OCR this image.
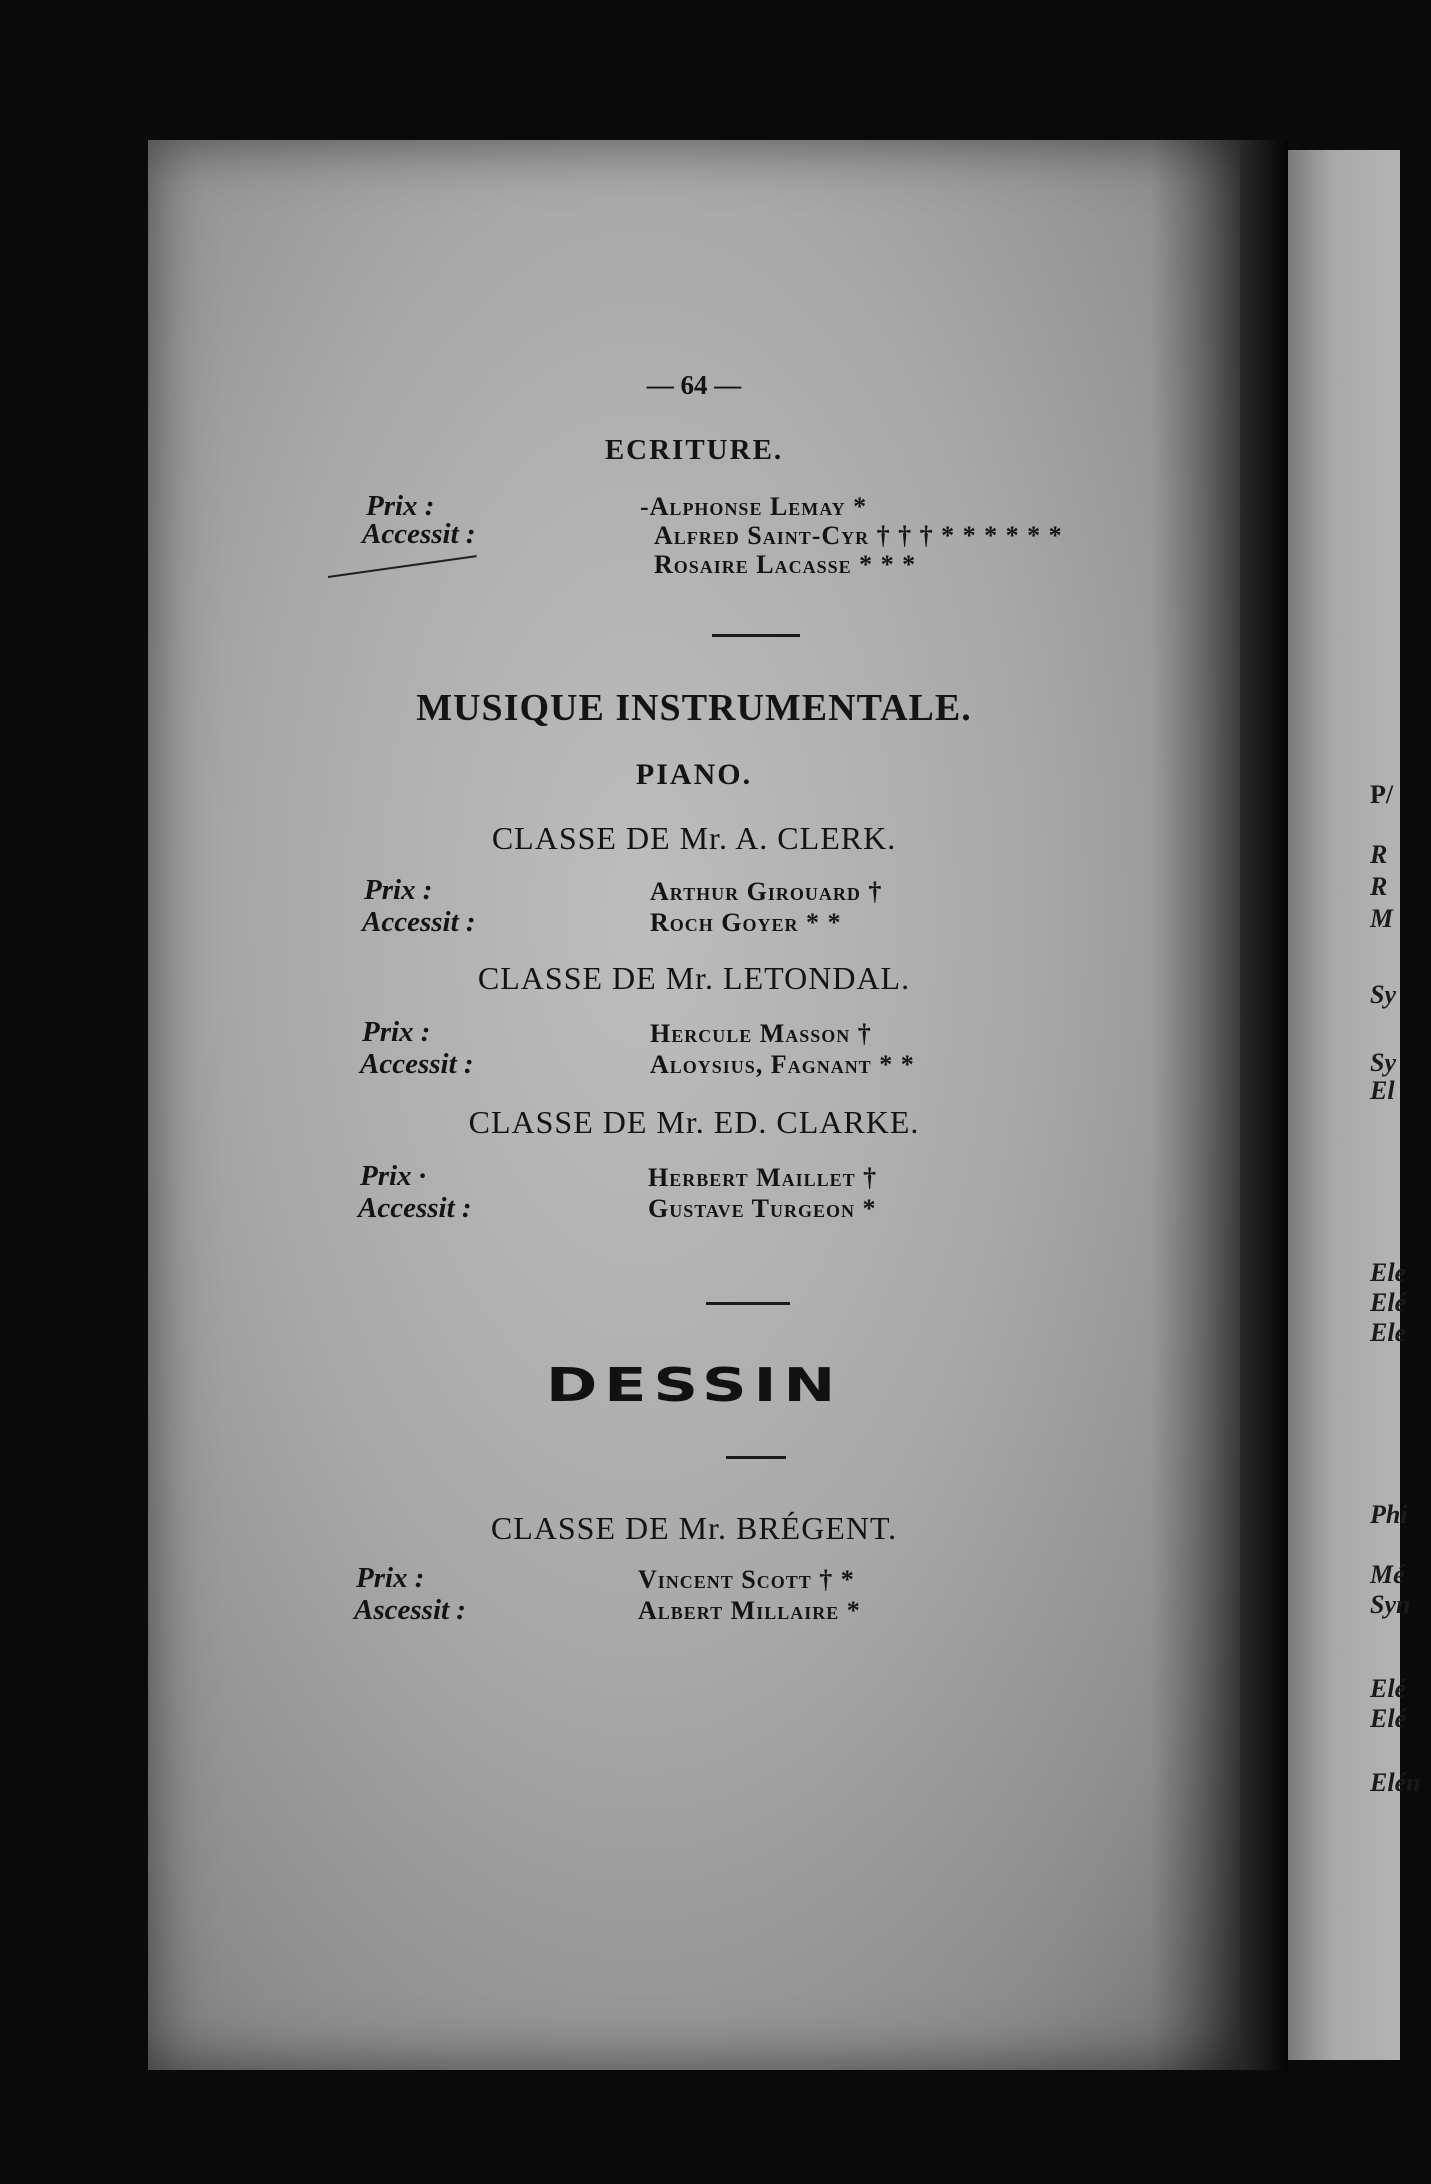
— 64 —
ECRITURE.
Prix :
Accessit :
-Alphonse Lemay *
Alfred Saint-Cyr † † † * * * * * *
Rosaire Lacasse * * *
MUSIQUE INSTRUMENTALE.
PIANO.
CLASSE DE Mr. A. CLERK.
Prix :
Accessit :
Arthur Girouard †
Roch Goyer * *
CLASSE DE Mr. LETONDAL.
Prix :
Accessit :
Hercule Masson †
Aloysius, Fagnant * *
CLASSE DE Mr. ED. CLARKE.
Prix ·
Accessit :
Herbert Maillet †
Gustave Turgeon *
DESSIN
CLASSE DE Mr. BRÉGENT.
Prix :
Ascessit :
Vincent Scott † *
Albert Millaire *
P/
R
R
M
Sy
Sy
El
Ele
Elé
Ele
Phi
Mé
Syn
Elé
Elé
Elén
